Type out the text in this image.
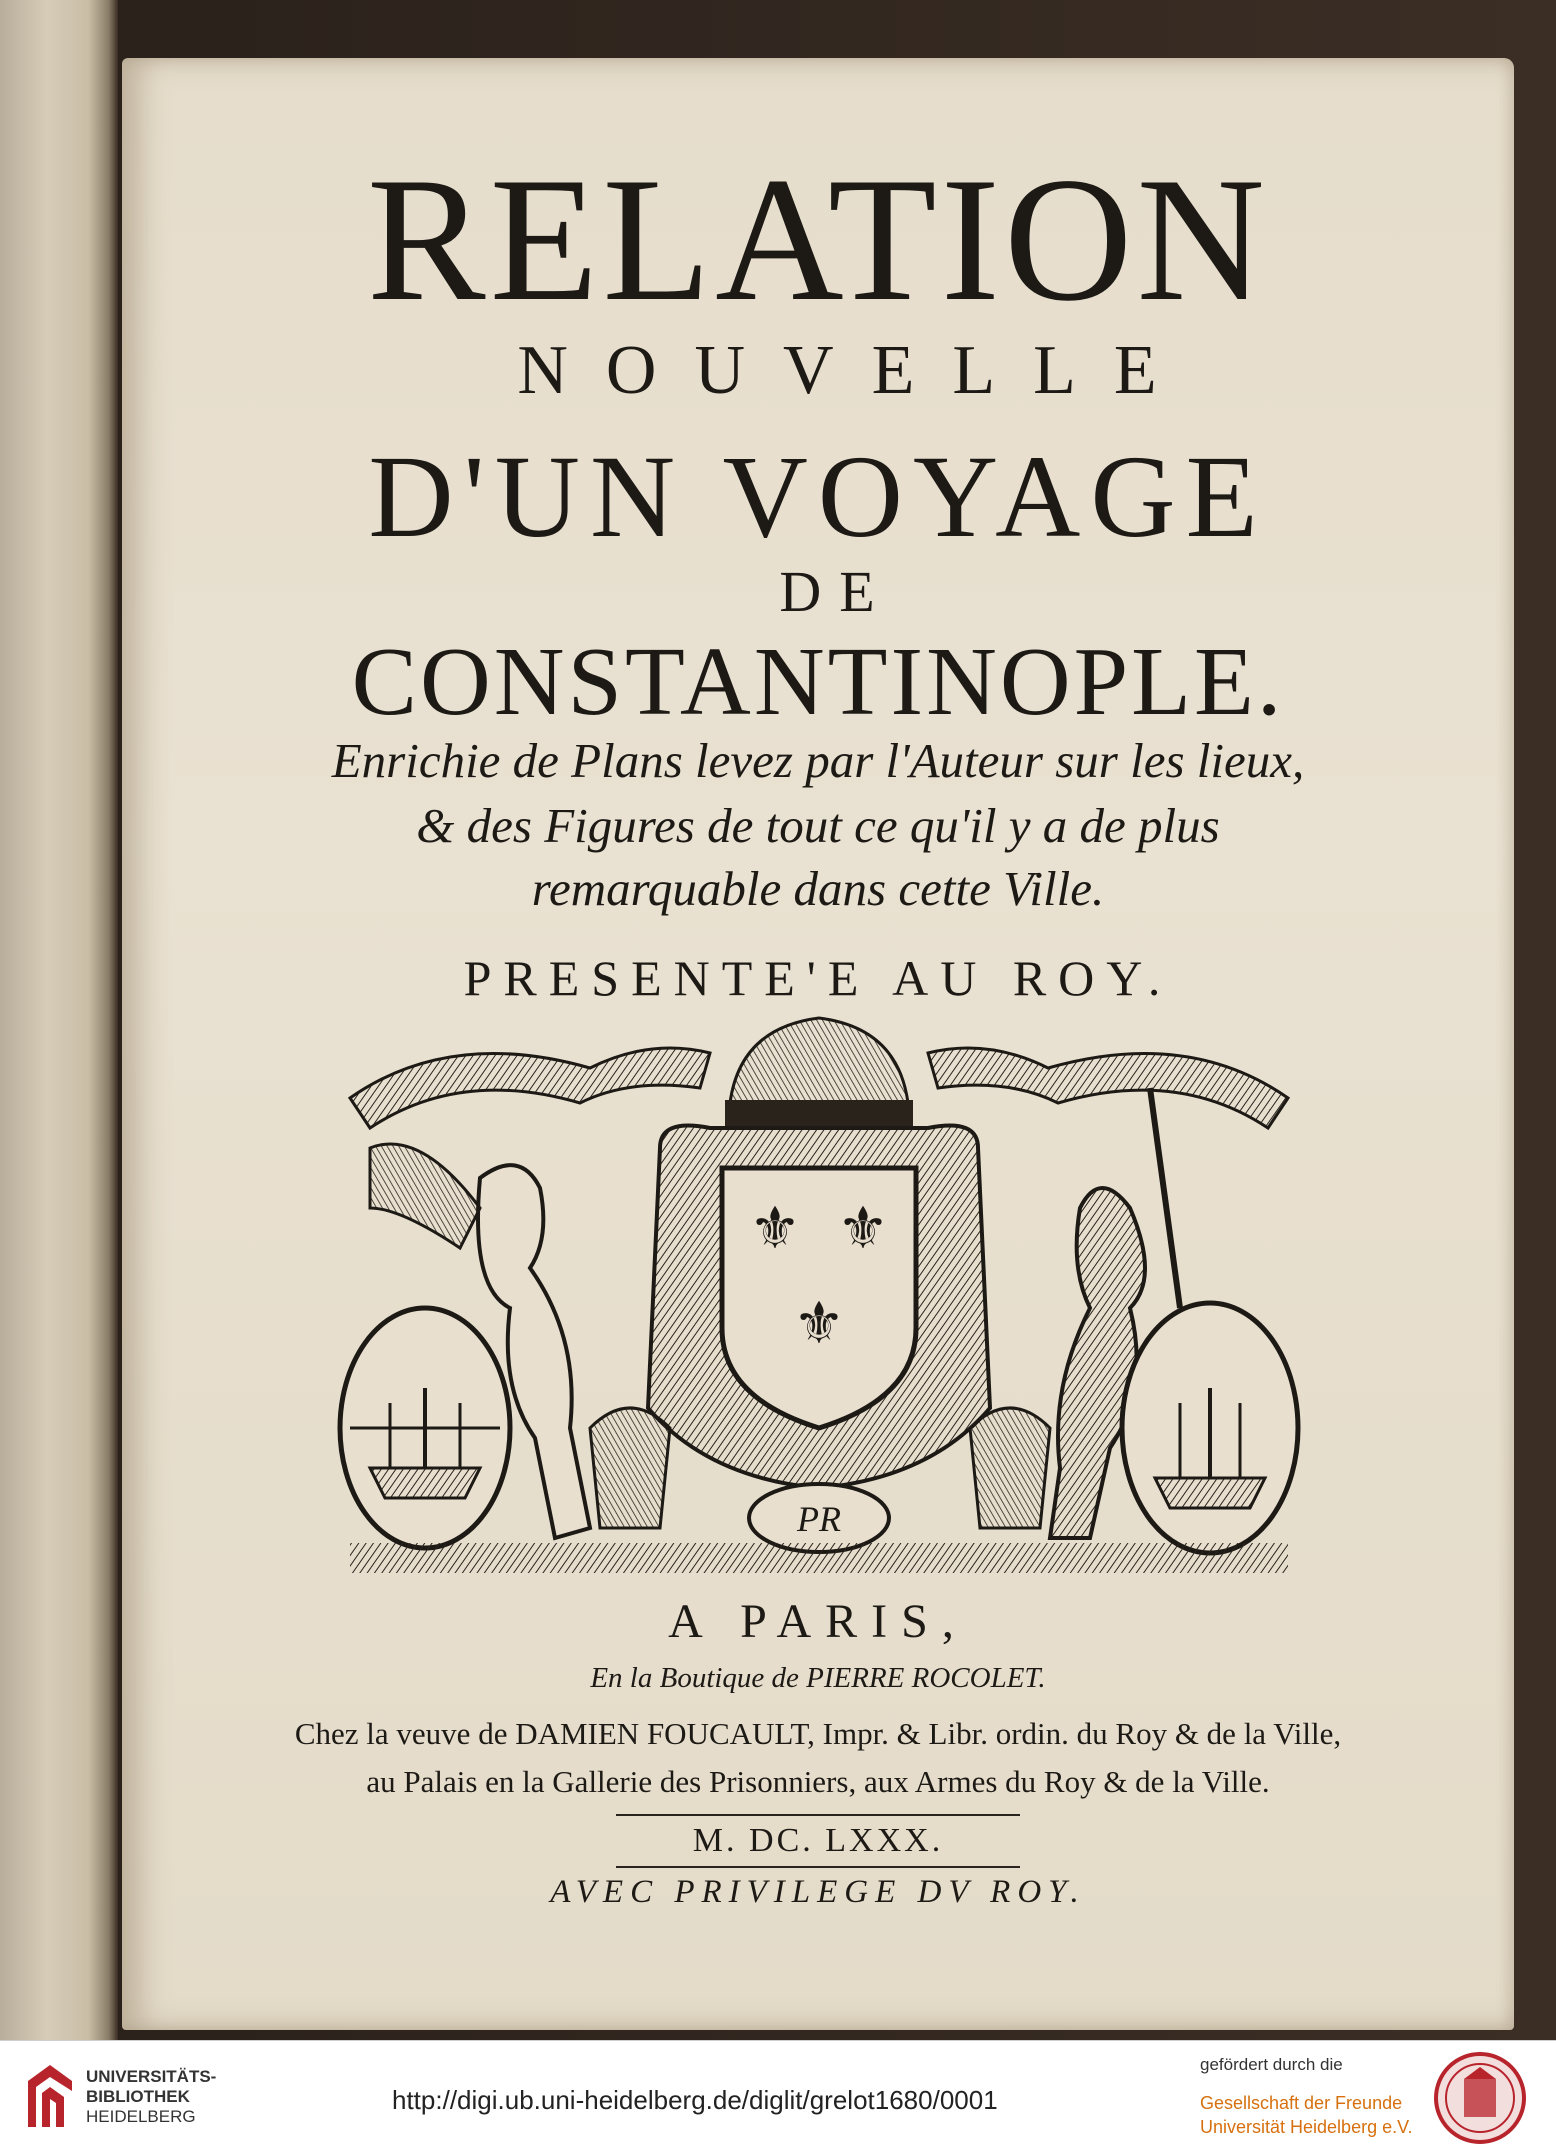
RELATION
NOUVELLE
D'UN VOYAGE
DE
CONSTANTINOPLE.
Enrichie de Plans levez par l'Auteur sur les lieux,
& des Figures de tout ce qu'il y a de plus
remarquable dans cette Ville.
PRESENTE'E AU ROY.
⚜ ⚜
⚜
PR
A PARIS,
En la Boutique de PIERRE ROCOLET.
Chez la veuve de DAMIEN FOUCAULT, Impr. & Libr. ordin. du Roy & de la Ville,
au Palais en la Gallerie des Prisonniers, aux Armes du Roy & de la Ville.
M. DC. LXXX.
AVEC PRIVILEGE DV ROY.
UNIVERSITÄTS-
BIBLIOTHEK
HEIDELBERG
http://digi.ub.uni-heidelberg.de/diglit/grelot1680/0001
gefördert durch die
Gesellschaft der Freunde
Universität Heidelberg e.V.
